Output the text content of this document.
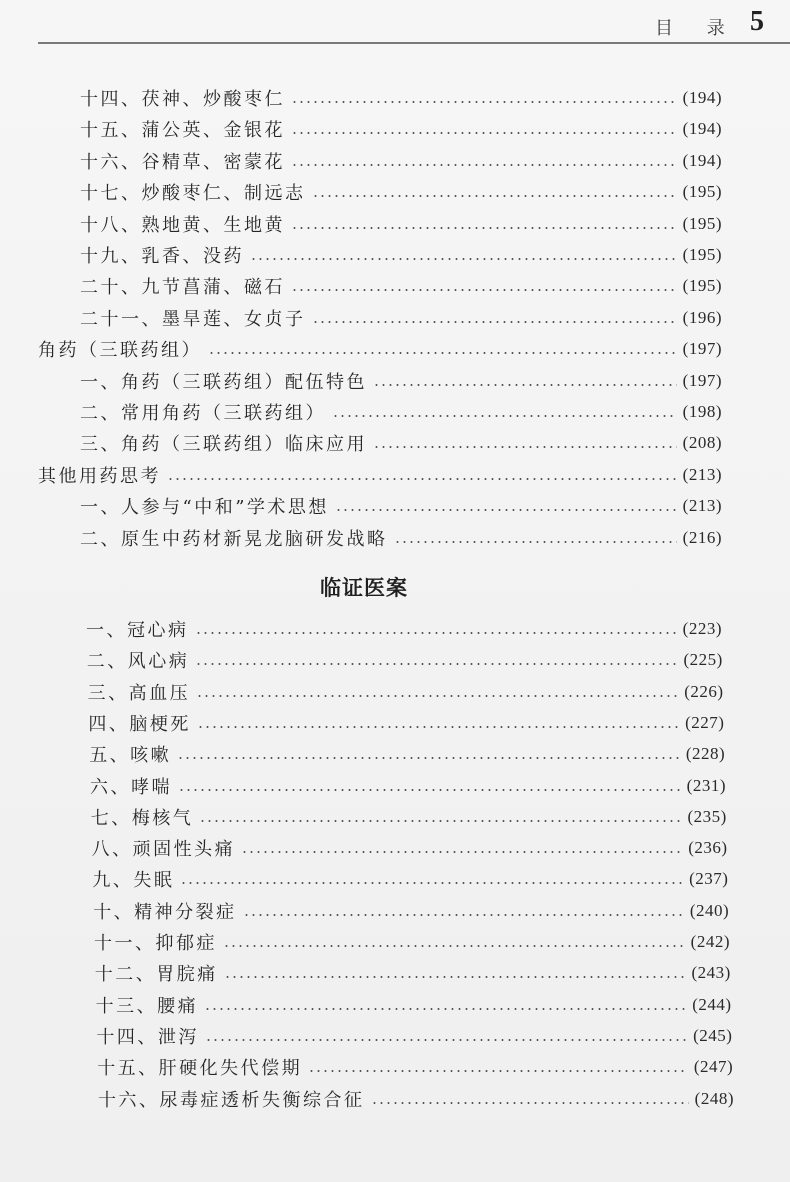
目 录 5
十四、茯神、炒酸枣仁	(194)
十五、蒲公英、金银花	(194)
十六、谷精草、密蒙花	(194)
十七、炒酸枣仁、制远志	(195)
十八、熟地黄、生地黄	(195)
十九、乳香、没药	(195)
二十、九节菖蒲、磁石	(195)
二十一、墨旱莲、女贞子	(196)
角药（三联药组）	(197)
一、角药（三联药组）配伍特色	(197)
二、常用角药（三联药组）	(198)
三、角药（三联药组）临床应用	(208)
其他用药思考	(213)
一、人参与“中和”学术思想	(213)
二、原生中药材新晃龙脑研发战略	(216)
临证医案
一、冠心病	(223)
二、风心病	(225)
三、高血压	(226)
四、脑梗死	(227)
五、咳嗽	(228)
六、哮喘	(231)
七、梅核气	(235)
八、顽固性头痛	(236)
九、失眠	(237)
十、精神分裂症	(240)
十一、抑郁症	(242)
十二、胃脘痛	(243)
十三、腰痛	(244)
十四、泄泻	(245)
十五、肝硬化失代偿期	(247)
十六、尿毒症透析失衡综合征	(248)
